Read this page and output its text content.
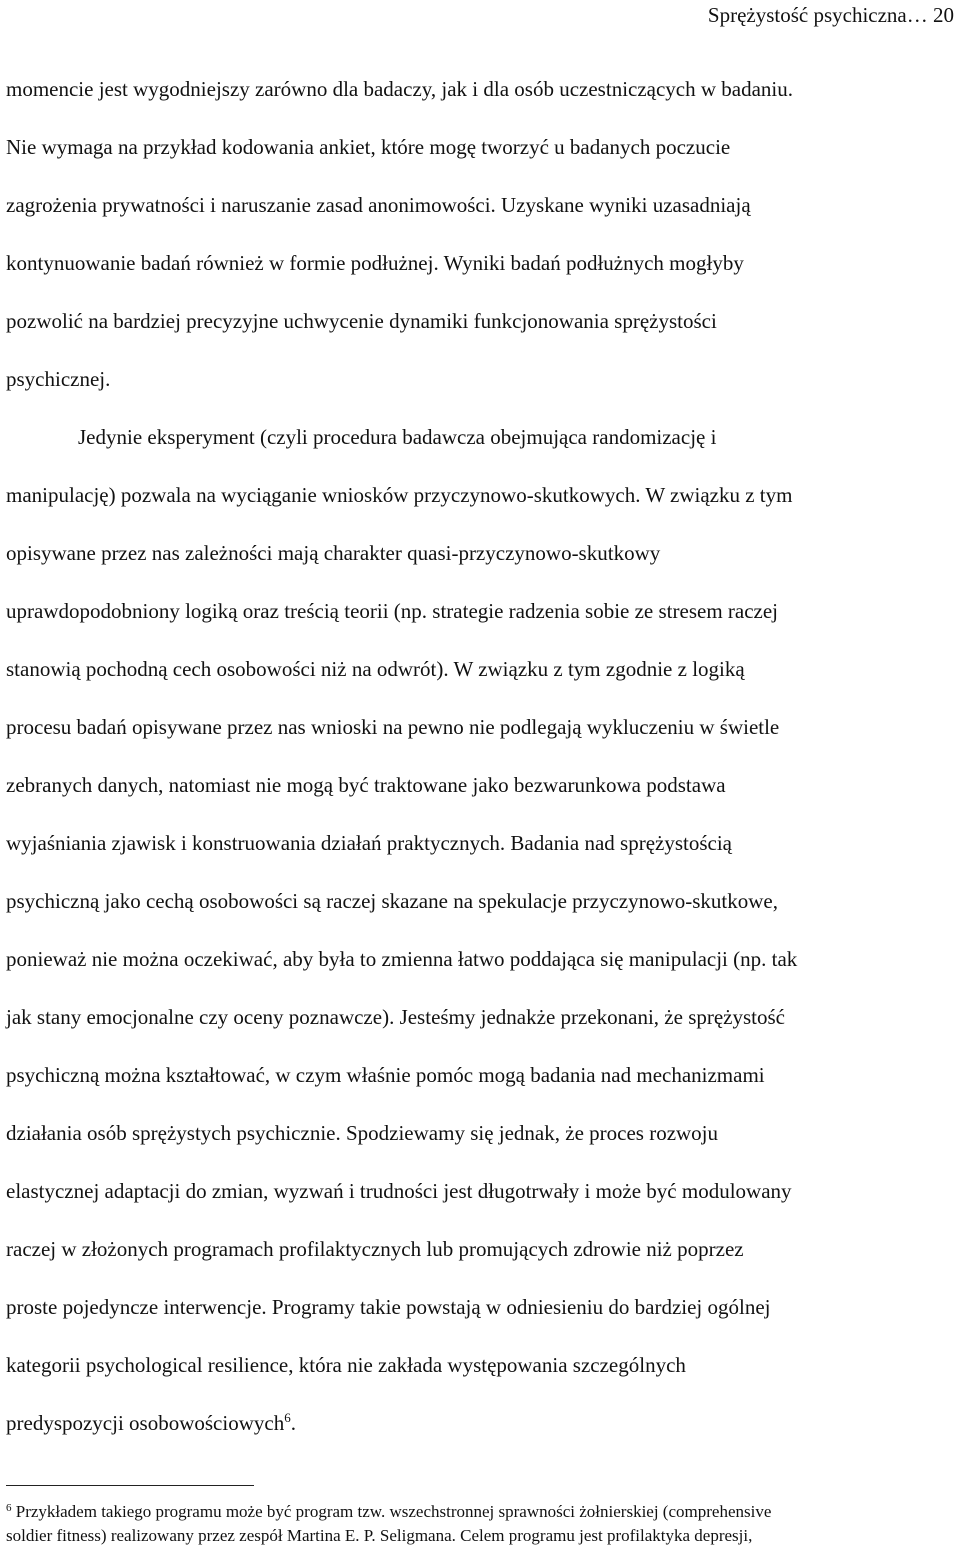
Sprężystość psychiczna… 20
momencie jest wygodniejszy zarówno dla badaczy, jak i dla osób uczestniczących w badaniu.
Nie wymaga na przykład kodowania ankiet, które mogę tworzyć u badanych poczucie
zagrożenia prywatności i naruszanie zasad anonimowości. Uzyskane wyniki uzasadniają
kontynuowanie badań również w formie podłużnej. Wyniki badań podłużnych mogłyby
pozwolić na bardziej precyzyjne uchwycenie dynamiki funkcjonowania sprężystości
psychicznej.
Jedynie eksperyment (czyli procedura badawcza obejmująca randomizację i
manipulację) pozwala na wyciąganie wniosków przyczynowo-skutkowych. W związku z tym
opisywane przez nas zależności mają charakter quasi-przyczynowo-skutkowy
uprawdopodobniony logiką oraz treścią teorii (np. strategie radzenia sobie ze stresem raczej
stanowią pochodną cech osobowości niż na odwrót). W związku z tym zgodnie z logiką
procesu badań opisywane przez nas wnioski na pewno nie podlegają wykluczeniu w świetle
zebranych danych, natomiast nie mogą być traktowane jako bezwarunkowa podstawa
wyjaśniania zjawisk i konstruowania działań praktycznych. Badania nad sprężystością
psychiczną jako cechą osobowości są raczej skazane na spekulacje przyczynowo-skutkowe,
ponieważ nie można oczekiwać, aby była to zmienna łatwo poddająca się manipulacji (np. tak
jak stany emocjonalne czy oceny poznawcze). Jesteśmy jednakże przekonani, że sprężystość
psychiczną można kształtować, w czym właśnie pomóc mogą badania nad mechanizmami
działania osób sprężystych psychicznie. Spodziewamy się jednak, że proces rozwoju
elastycznej adaptacji do zmian, wyzwań i trudności jest długotrwały i może być modulowany
raczej w złożonych programach profilaktycznych lub promujących zdrowie niż poprzez
proste pojedyncze interwencje. Programy takie powstają w odniesieniu do bardziej ogólnej
kategorii psychological resilience, która nie zakłada występowania szczególnych
predyspozycji osobowościowych$^6$.
$^6$ Przykładem takiego programu może być program tzw. wszechstronnej sprawności żołnierskiej (comprehensive
soldier fitness) realizowany przez zespół Martina E. P. Seligmana. Celem programu jest profilaktyka depresji,
